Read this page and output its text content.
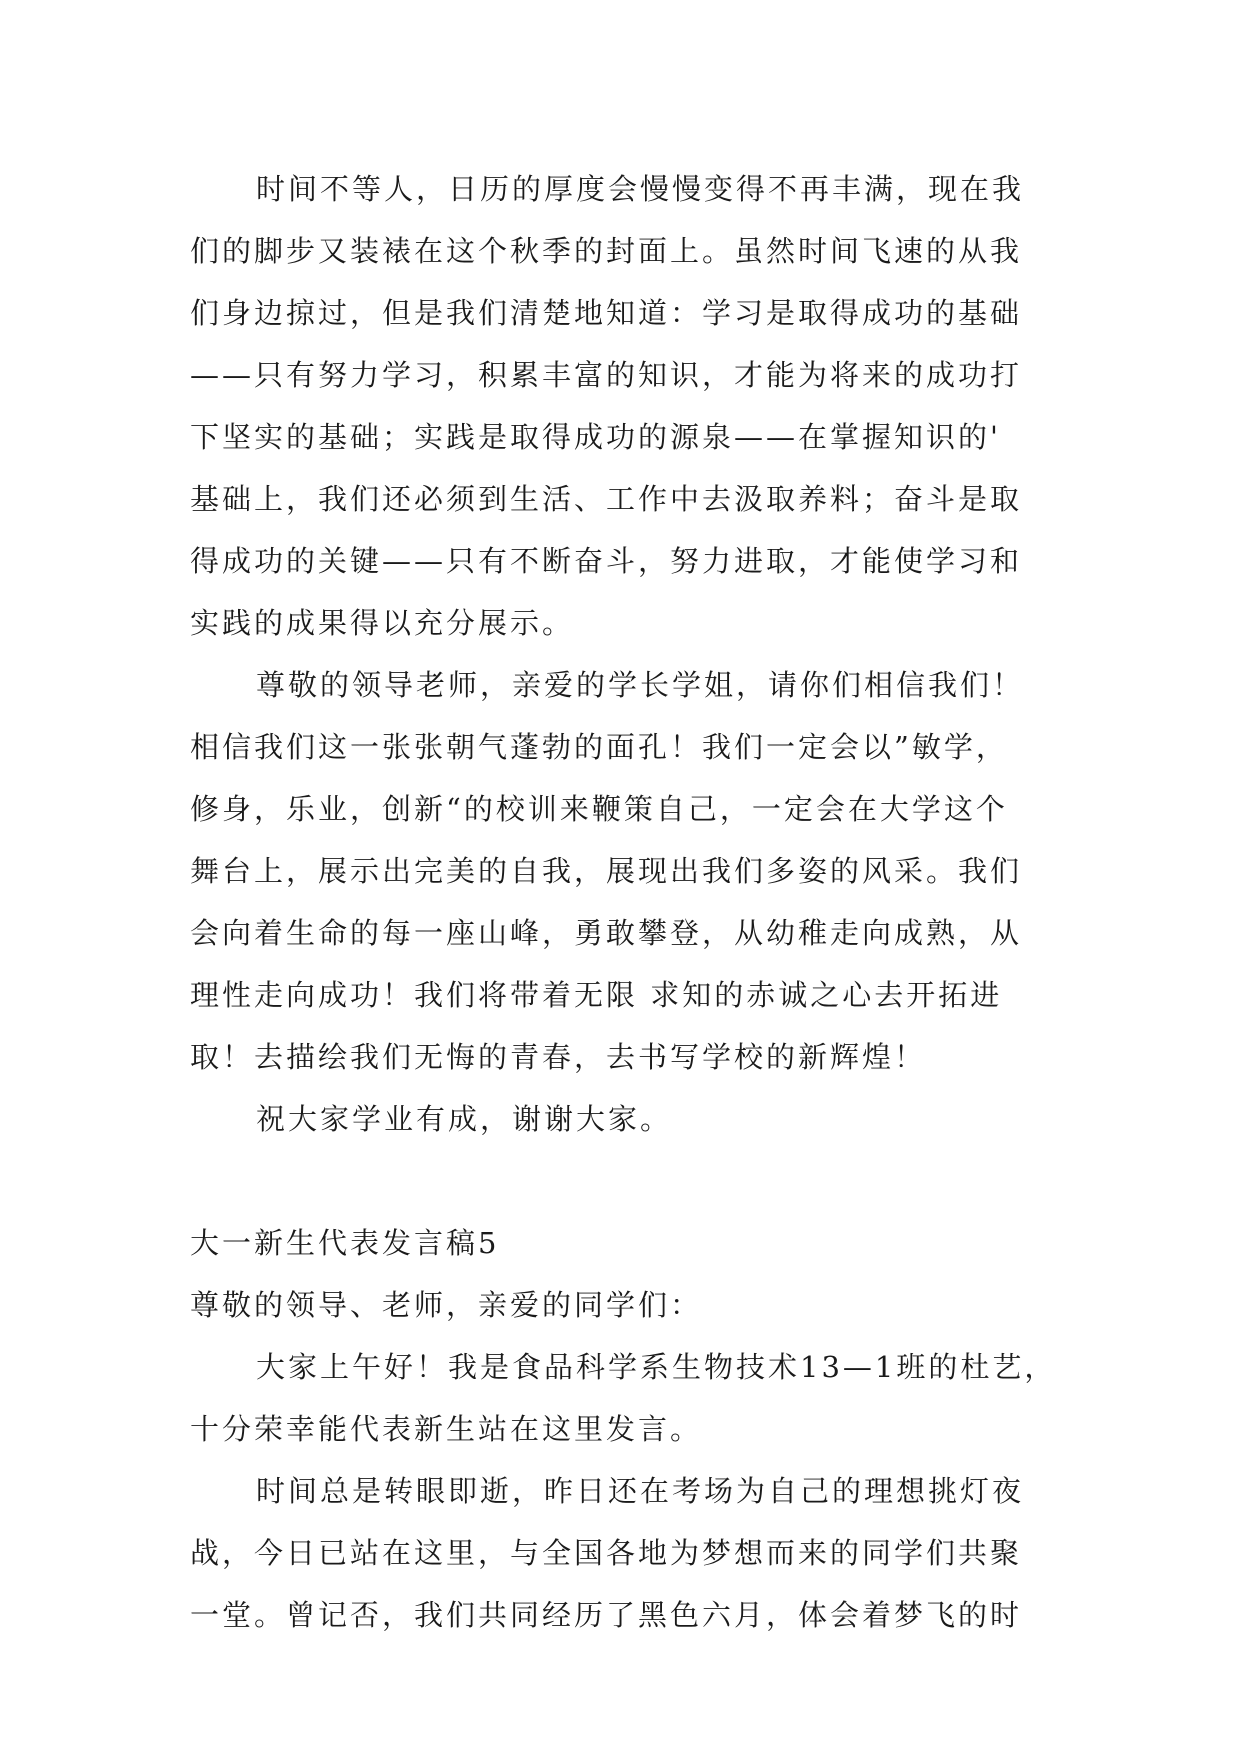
时间不等人，日历的厚度会慢慢变得不再丰满，现在我
们的脚步又装裱在这个秋季的封面上。虽然时间飞速的从我
们身边掠过，但是我们清楚地知道：学习是取得成功的基础
——只有努力学习，积累丰富的知识，才能为将来的成功打
下坚实的基础；实践是取得成功的源泉——在掌握知识的'
基础上，我们还必须到生活、工作中去汲取养料；奋斗是取
得成功的关键——只有不断奋斗，努力进取，才能使学习和
实践的成果得以充分展示。
尊敬的领导老师，亲爱的学长学姐，请你们相信我们！
相信我们这一张张朝气蓬勃的面孔！我们一定会以”敏学，
修身，乐业，创新“的校训来鞭策自己，一定会在大学这个
舞台上，展示出完美的自我，展现出我们多姿的风采。我们
会向着生命的每一座山峰，勇敢攀登，从幼稚走向成熟，从
理性走向成功！我们将带着无限 求知的赤诚之心去开拓进
取！去描绘我们无悔的青春，去书写学校的新辉煌！
祝大家学业有成，谢谢大家。
大一新生代表发言稿5
尊敬的领导、老师，亲爱的同学们：
大家上午好！我是食品科学系生物技术13—1班的杜艺，
十分荣幸能代表新生站在这里发言。
时间总是转眼即逝，昨日还在考场为自己的理想挑灯夜
战，今日已站在这里，与全国各地为梦想而来的同学们共聚
一堂。曾记否，我们共同经历了黑色六月，体会着梦飞的时
